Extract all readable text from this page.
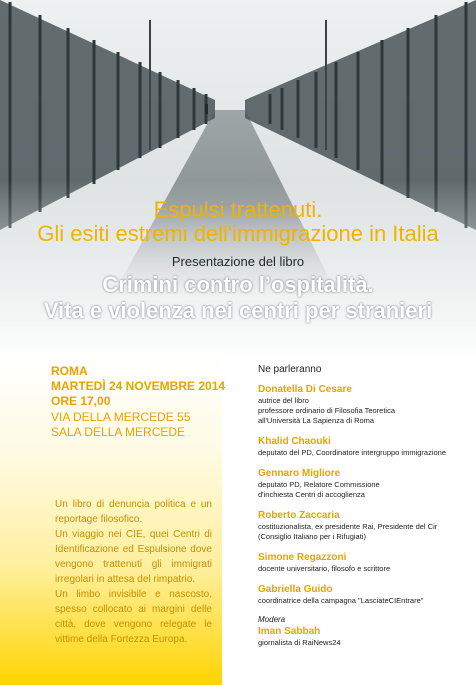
Espulsi trattenuti.
Gli esiti estremi dell'immigrazione in Italia
Presentazione del libro
Crimini contro l’ospitalità.
Vita e violenza nei centri per stranieri
ROMA
MARTEDÌ 24 NOVEMBRE 2014
ORE 17,00
VIA DELLA MERCEDE 55
SALA DELLA MERCEDE

Un libro di denuncia politica e un reportage filosofico.

Un viaggio nei CIE, quei Centri di Identificazione ed Espulsione dove vengono trattenuti gli immigrati irregolari in attesa del rimpatrio.

Un limbo invisibile e nascosto, spesso collocato ai margini delle città, dove vengono relegate le vittime della Fortezza Europa.

Ne parleranno
Donatella Di Cesare
autrice del libro
professore ordinario di Filosofia Teoretica
all'Università La Sapienza di Roma
Khalid Chaouki
deputato del PD, Coordinatore intergruppo immigrazione
Gennaro Migliore
deputato PD, Relatore Commissione
d'inchiesta Centri di accoglienza
Roberto Zaccaria
costituzionalista, ex presidente Rai, Presidente del Cir
(Consiglio Italiano per i Rifugiati)
Simone Regazzoni
docente universitario, filosofo e scrittore
Gabriella Guido
coordinatrice della campagna "LasciateCIEntrare"
Modera
Iman Sabbah
giornalista di RaiNews24
